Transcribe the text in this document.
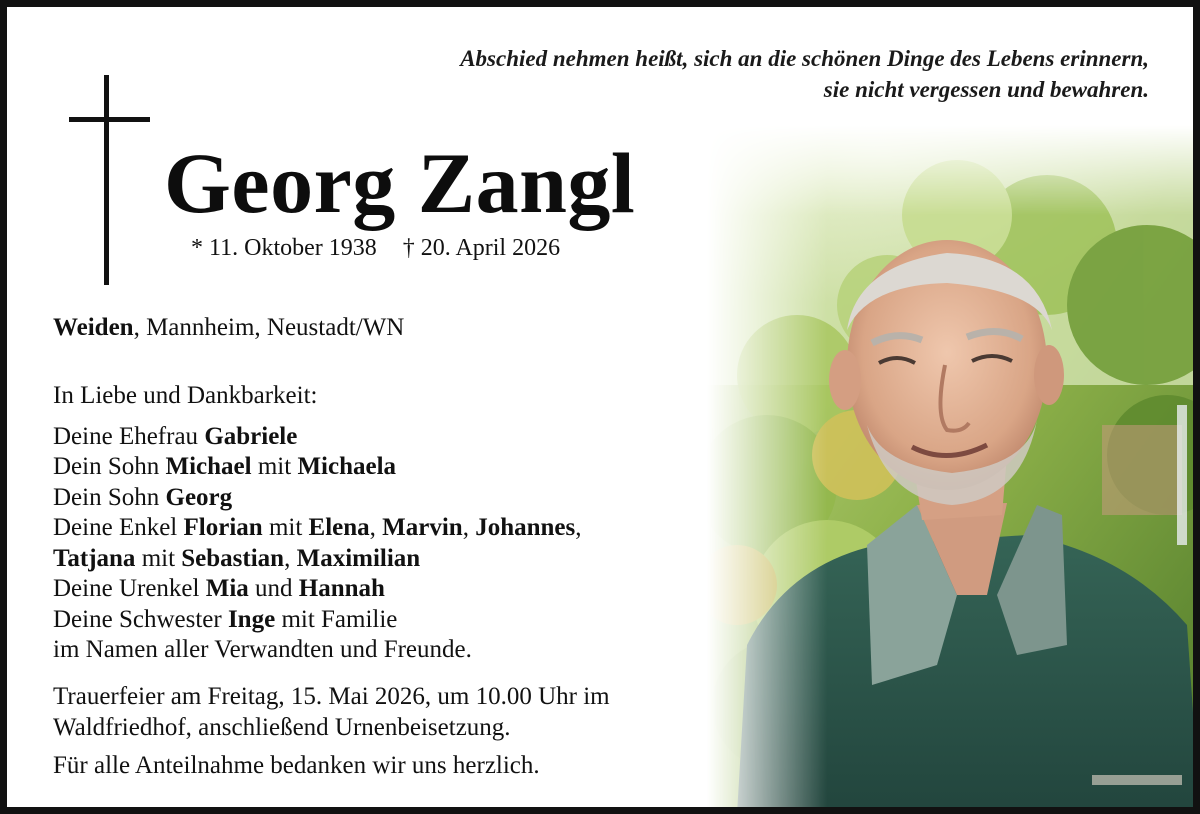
Abschied nehmen heißt, sich an die schönen Dinge des Lebens erinnern,
sie nicht vergessen und bewahren.
Georg Zangl
* 11. Oktober 1938 † 20. April 2026
Weiden, Mannheim, Neustadt/WN
In Liebe und Dankbarkeit:
Deine Ehefrau Gabriele
Dein Sohn Michael mit Michaela
Dein Sohn Georg
Deine Enkel Florian mit Elena, Marvin, Johannes,
Tatjana mit Sebastian, Maximilian
Deine Urenkel Mia und Hannah
Deine Schwester Inge mit Familie
im Namen aller Verwandten und Freunde.
Trauerfeier am Freitag, 15. Mai 2026, um 10.00 Uhr im
Waldfriedhof, anschließend Urnenbeisetzung.
Für alle Anteilnahme bedanken wir uns herzlich.
